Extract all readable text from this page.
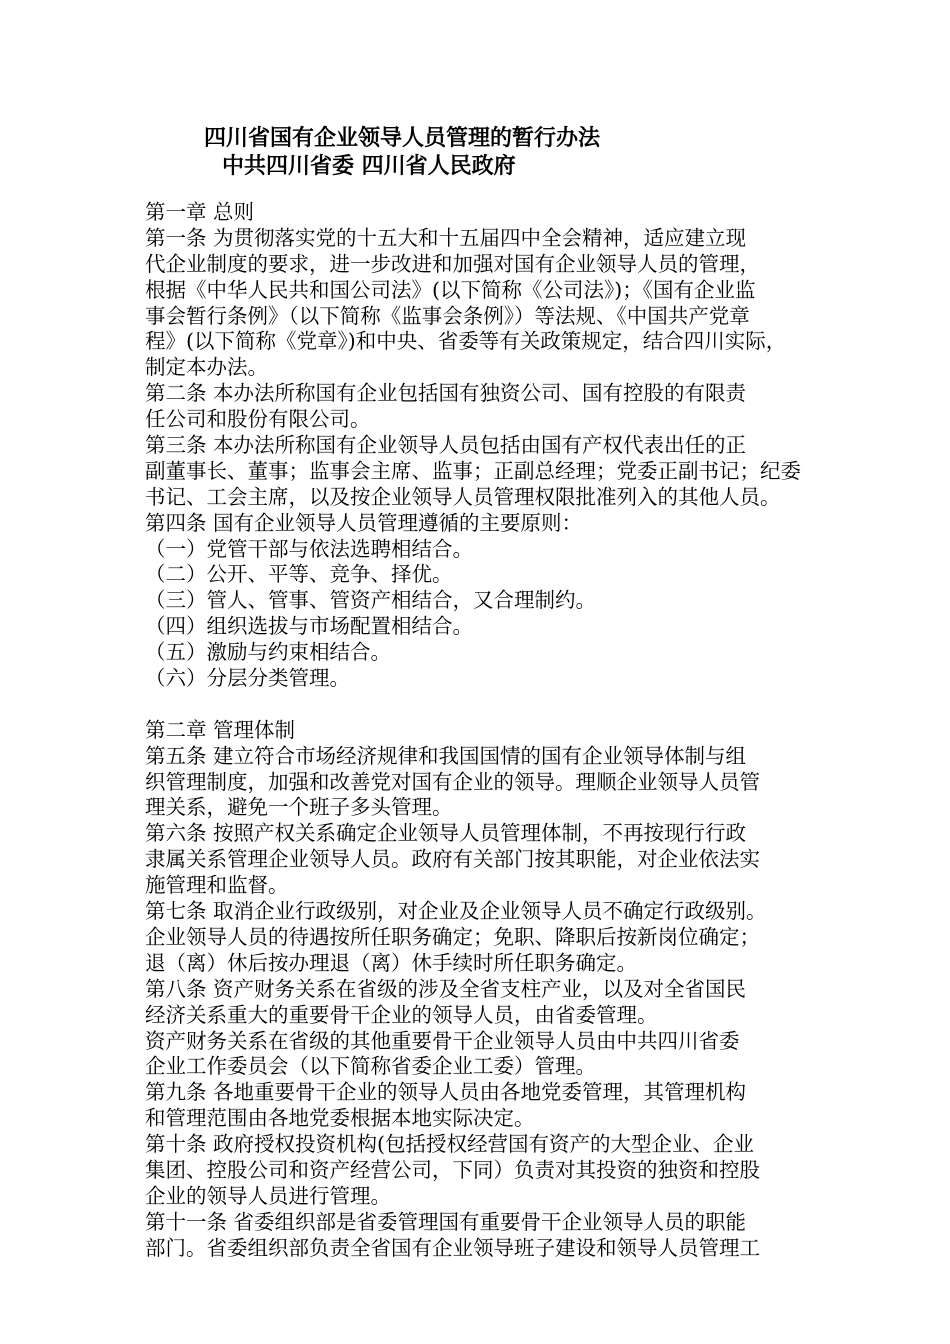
四川省国有企业领导人员管理的暂行办法
中共四川省委 四川省人民政府
第一章 总则
第一条 为贯彻落实党的十五大和十五届四中全会精神，适应建立现
代企业制度的要求，进一步改进和加强对国有企业领导人员的管理，
根据《中华人民共和国公司法》(以下简称《公司法》)；《国有企业监
事会暂行条例》（以下简称《监事会条例》）等法规、《中国共产党章
程》(以下简称《党章》)和中央、省委等有关政策规定，结合四川实际，
制定本办法。
第二条 本办法所称国有企业包括国有独资公司、国有控股的有限责
任公司和股份有限公司。
第三条 本办法所称国有企业领导人员包括由国有产权代表出任的正
副董事长、董事；监事会主席、监事；正副总经理；党委正副书记；纪委
书记、工会主席，以及按企业领导人员管理权限批准列入的其他人员。
第四条 国有企业领导人员管理遵循的主要原则：
（一）党管干部与依法选聘相结合。
（二）公开、平等、竞争、择优。
（三）管人、管事、管资产相结合，又合理制约。
（四）组织选拔与市场配置相结合。
（五）激励与约束相结合。
（六）分层分类管理。
第二章 管理体制
第五条 建立符合市场经济规律和我国国情的国有企业领导体制与组
织管理制度，加强和改善党对国有企业的领导。理顺企业领导人员管
理关系，避免一个班子多头管理。
第六条 按照产权关系确定企业领导人员管理体制，不再按现行行政
隶属关系管理企业领导人员。政府有关部门按其职能，对企业依法实
施管理和监督。
第七条 取消企业行政级别，对企业及企业领导人员不确定行政级别。
企业领导人员的待遇按所任职务确定；免职、降职后按新岗位确定；
退（离）休后按办理退（离）休手续时所任职务确定。
第八条 资产财务关系在省级的涉及全省支柱产业，以及对全省国民
经济关系重大的重要骨干企业的领导人员，由省委管理。
资产财务关系在省级的其他重要骨干企业领导人员由中共四川省委
企业工作委员会（以下简称省委企业工委）管理。
第九条 各地重要骨干企业的领导人员由各地党委管理，其管理机构
和管理范围由各地党委根据本地实际决定。
第十条 政府授权投资机构(包括授权经营国有资产的大型企业、企业
集团、控股公司和资产经营公司，下同）负责对其投资的独资和控股
企业的领导人员进行管理。
第十一条 省委组织部是省委管理国有重要骨干企业领导人员的职能
部门。省委组织部负责全省国有企业领导班子建设和领导人员管理工
